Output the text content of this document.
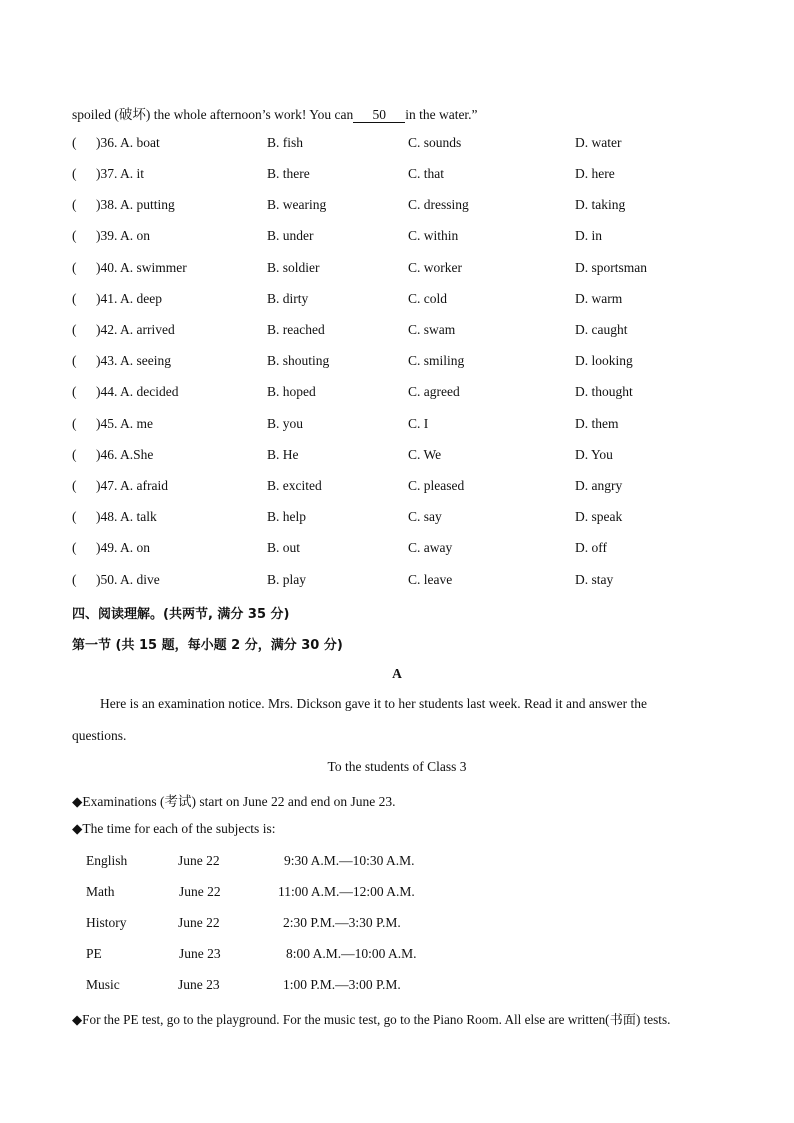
spoiled (破坏) the whole afternoon’s work! You can 50 in the water.”
( )36. A. boat	B. fish	C. sounds	D. water
( )37. A. it	B. there	C. that	D. here
( )38. A. putting	B. wearing	C. dressing	D. taking
( )39. A. on	B. under	C. within	D. in
( )40. A. swimmer	B. soldier	C. worker	D. sportsman
( )41. A. deep	B. dirty	C. cold	D. warm
( )42. A. arrived	B. reached	C. swam	D. caught
( )43. A. seeing	B. shouting	C. smiling	D. looking
( )44. A. decided	B. hoped	C. agreed	D. thought
( )45. A. me	B. you	C. I	D. them
( )46. A.She	B. He	C. We	D. You
( )47. A. afraid	B. excited	C. pleased	D. angry
( )48. A. talk	B. help	C. say	D. speak
( )49. A. on	B. out	C. away	D. off
( )50. A. dive	B. play	C. leave	D. stay
四、阅读理解。(共两节, 满分 35 分)
第一节 (共 15 题，每小题 2 分，满分 30 分)
A
Here is an examination notice. Mrs. Dickson gave it to her students last week. Read it and answer the
questions.
To the students of Class 3
◆Examinations (考试) start on June 22 and end on June 23.
◆The time for each of the subjects is:
English	June 22	9:30 A.M.—10:30 A.M.
Math	June 22	11:00 A.M.—12:00 A.M.
History	June 22	2:30 P.M.—3:30 P.M.
PE	June 23	8:00 A.M.—10:00 A.M.
Music	June 23	1:00 P.M.—3:00 P.M.
◆For the PE test, go to the playground. For the music test, go to the Piano Room. All else are written(书面) tests.
